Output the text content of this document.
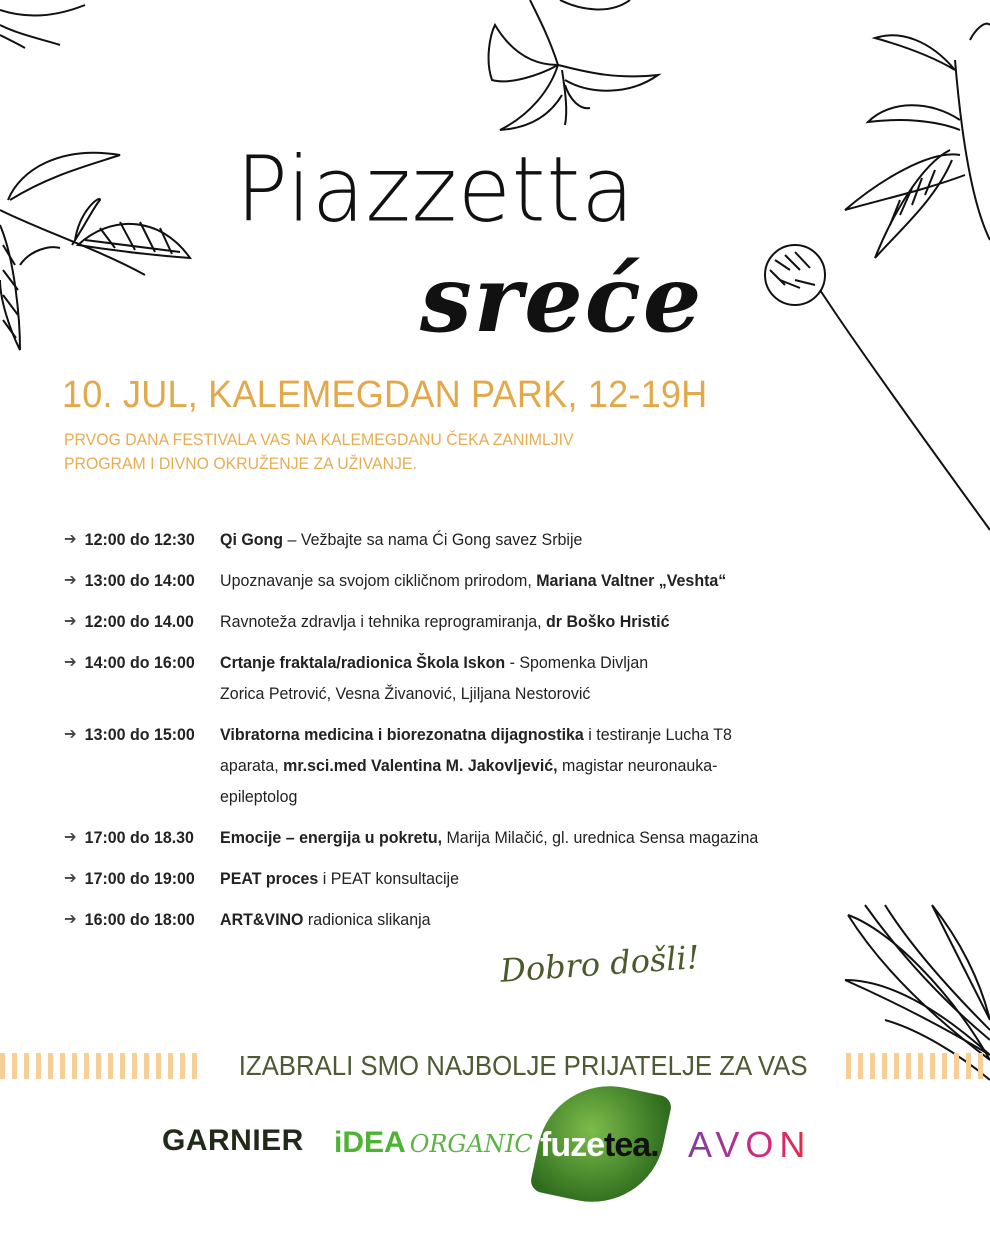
Piazzetta
sreće
10. JUL, KALEMEGDAN PARK, 12-19H
PRVOG DANA FESTIVALA VAS NA KALEMEGDANU ČEKA ZANIMLJIV PROGRAM I DIVNO OKRUŽENJE ZA UŽIVANJE.
➔ 12:00 do 12:30	Qi Gong – Vežbajte sa nama Ći Gong savez Srbije
➔ 13:00 do 14:00	Upoznavanje sa svojom cikličnom prirodom, Mariana Valtner „Veshta“
➔ 12:00 do 14.00	Ravnoteža zdravlja i tehnika reprogramiranja, dr Boško Hristić
➔ 14:00 do 16:00	Crtanje fraktala/radionica Škola Iskon - Spomenka Divljan Zorica Petrović, Vesna Živanović, Ljiljana Nestorović
➔ 13:00 do 15:00	Vibratorna medicina i biorezonatna dijagnostika i testiranje Lucha T8 aparata, mr.sci.med Valentina M. Jakovljević, magistar neuronauka-epileptolog
➔ 17:00 do 18.30	Emocije – energija u pokretu, Marija Milačić, gl. urednica Sensa magazina
➔ 17:00 do 19:00	PEAT proces i PEAT konsultacije
➔ 16:00 do 18:00	ART&VINO radionica slikanja
Dobro došli!
IZABRALI SMO NAJBOLJE PRIJATELJE ZA VAS
GARNIER iDEA ORGANIC fuzetea. AVON
